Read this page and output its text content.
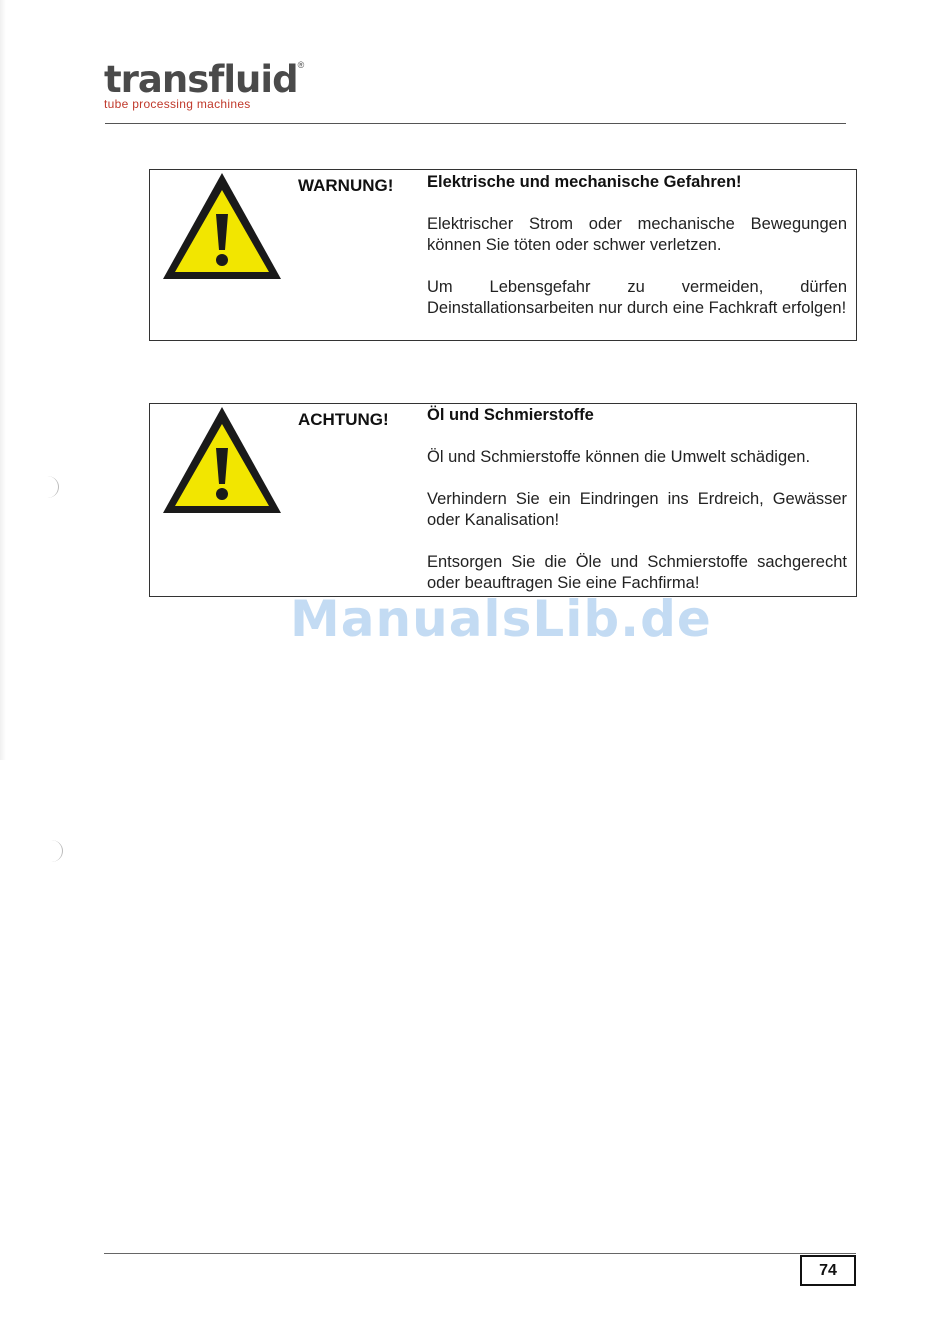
transfluid®
tube processing machines
WARNUNG! Elektrische und mechanische Gefahren!

Elektrischer Strom oder mechanische Bewegungen können Sie töten oder schwer verletzen.

Um Lebensgefahr zu vermeiden, dürfen Deinstallationsarbeiten nur durch eine Fachkraft erfolgen!

ACHTUNG! Öl und Schmierstoffe

Öl und Schmierstoffe können die Umwelt schädigen.

Verhindern Sie ein Eindringen ins Erdreich, Gewässer oder Kanalisation!

Entsorgen Sie die Öle und Schmierstoffe sachgerecht oder beauftragen Sie eine Fachfirma!

ManualsLib.de
74
